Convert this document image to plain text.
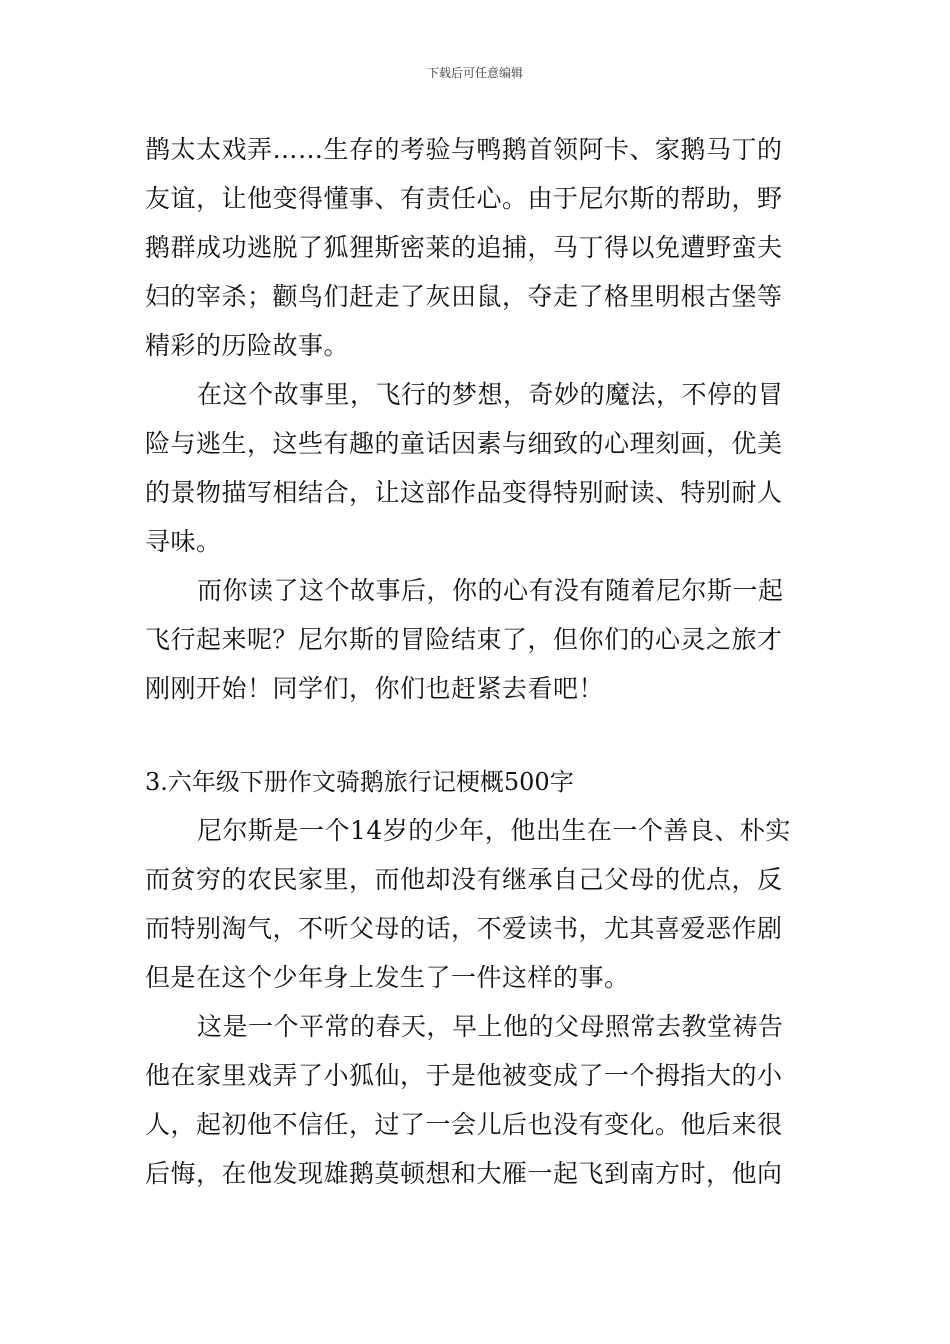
下载后可任意编辑
鹊太太戏弄……生存的考验与鸭鹅首领阿卡、家鹅马丁的
友谊，让他变得懂事、有责任心。由于尼尔斯的帮助，野
鹅群成功逃脱了狐狸斯密莱的追捕，马丁得以免遭野蛮夫
妇的宰杀；颧鸟们赶走了灰田鼠，夺走了格里明根古堡等
精彩的历险故事。
在这个故事里，飞行的梦想，奇妙的魔法，不停的冒
险与逃生，这些有趣的童话因素与细致的心理刻画，优美
的景物描写相结合，让这部作品变得特别耐读、特别耐人
寻味。
而你读了这个故事后，你的心有没有随着尼尔斯一起
飞行起来呢？尼尔斯的冒险结束了，但你们的心灵之旅才
刚刚开始！同学们，你们也赶紧去看吧！
3.六年级下册作文骑鹅旅行记梗概500字
尼尔斯是一个14岁的少年，他出生在一个善良、朴实
而贫穷的农民家里，而他却没有继承自己父母的优点，反
而特别淘气，不听父母的话，不爱读书，尤其喜爱恶作剧
但是在这个少年身上发生了一件这样的事。
这是一个平常的春天，早上他的父母照常去教堂祷告
他在家里戏弄了小狐仙，于是他被变成了一个拇指大的小
人，起初他不信任，过了一会儿后也没有变化。他后来很
后悔，在他发现雄鹅莫顿想和大雁一起飞到南方时，他向
